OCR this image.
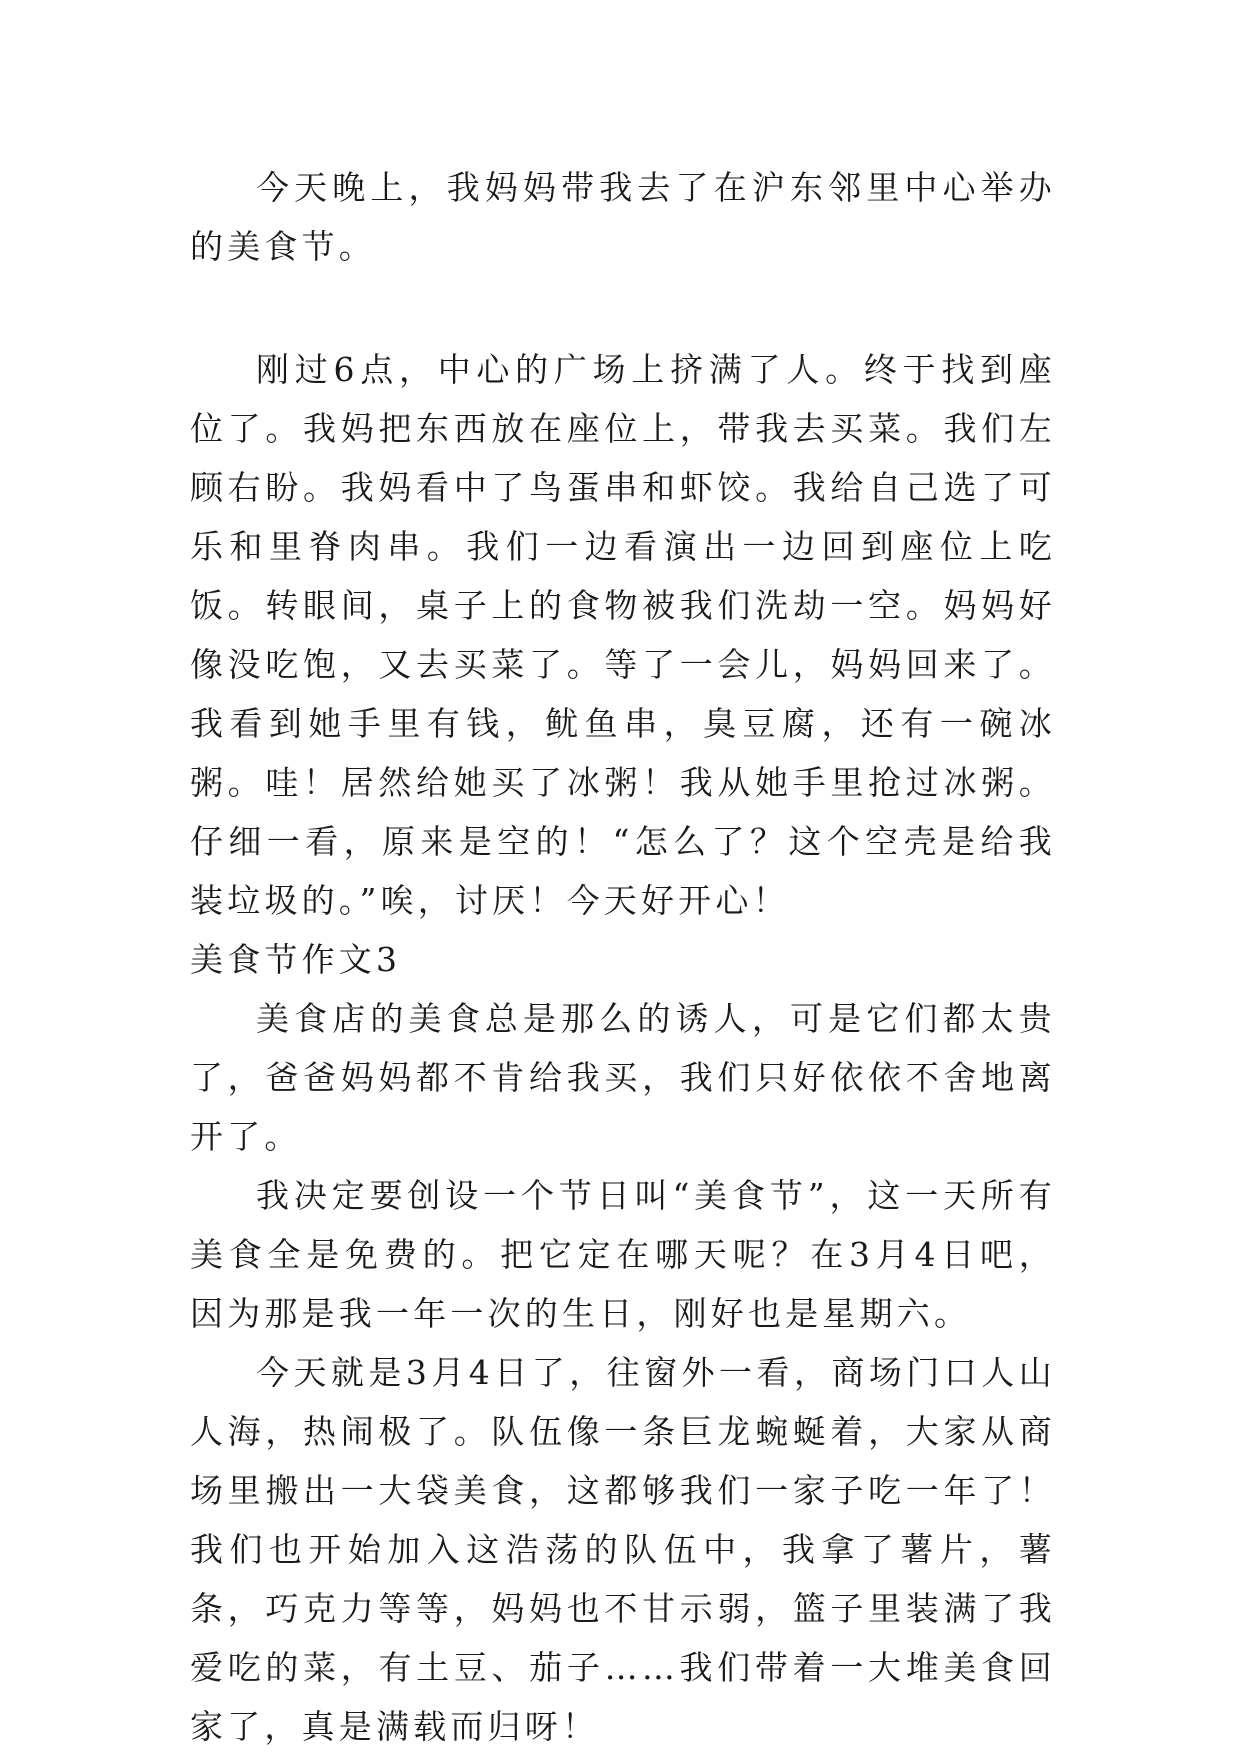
今天晚上，我妈妈带我去了在沪东邻里中心举办的美食节。

刚过6点，中心的广场上挤满了人。终于找到座位了。我妈把东西放在座位上，带我去买菜。我们左顾右盼。我妈看中了鸟蛋串和虾饺。我给自己选了可乐和里脊肉串。我们一边看演出一边回到座位上吃饭。转眼间，桌子上的食物被我们洗劫一空。妈妈好像没吃饱，又去买菜了。等了一会儿，妈妈回来了。我看到她手里有钱，鱿鱼串，臭豆腐，还有一碗冰粥。哇！居然给她买了冰粥！我从她手里抢过冰粥。仔细一看，原来是空的！“怎么了？这个空壳是给我装垃圾的。”唉，讨厌！今天好开心！

美食节作文3

美食店的美食总是那么的诱人，可是它们都太贵了，爸爸妈妈都不肯给我买，我们只好依依不舍地离开了。

我决定要创设一个节日叫“美食节”，这一天所有美食全是免费的。把它定在哪天呢？在3月4日吧，因为那是我一年一次的生日，刚好也是星期六。

今天就是3月4日了，往窗外一看，商场门口人山人海，热闹极了。队伍像一条巨龙蜿蜒着，大家从商场里搬出一大袋美食，这都够我们一家子吃一年了！我们也开始加入这浩荡的队伍中，我拿了薯片，薯条，巧克力等等，妈妈也不甘示弱，篮子里装满了我爱吃的菜，有土豆、茄子……我们带着一大堆美食回家了，真是满载而归呀！
